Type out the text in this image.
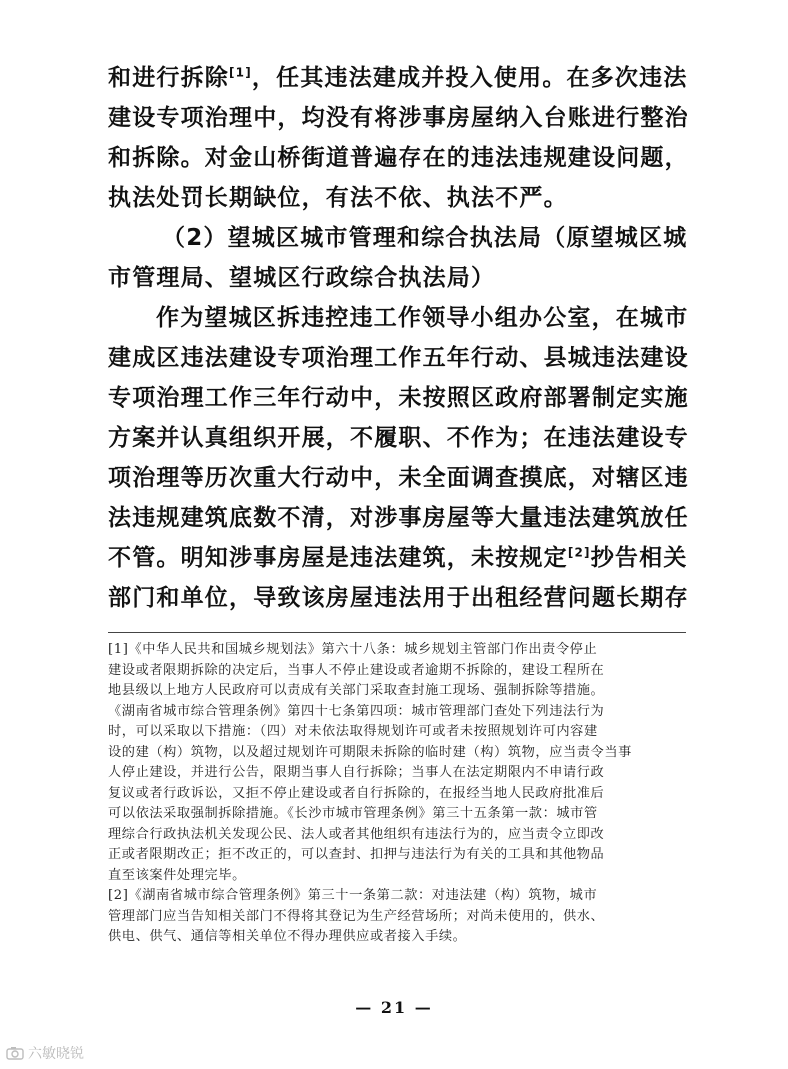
和进行拆除[1]，任其违法建成并投入使用。在多次违法
建设专项治理中，均没有将涉事房屋纳入台账进行整治
和拆除。对金山桥街道普遍存在的违法违规建设问题，
执法处罚长期缺位，有法不依、执法不严。
（2）望城区城市管理和综合执法局（原望城区城
市管理局、望城区行政综合执法局）
作为望城区拆违控违工作领导小组办公室，在城市
建成区违法建设专项治理工作五年行动、县城违法建设
专项治理工作三年行动中，未按照区政府部署制定实施
方案并认真组织开展，不履职、不作为；在违法建设专
项治理等历次重大行动中，未全面调查摸底，对辖区违
法违规建筑底数不清，对涉事房屋等大量违法建筑放任
不管。明知涉事房屋是违法建筑，未按规定[2]抄告相关
部门和单位，导致该房屋违法用于出租经营问题长期存
[1]《中华人民共和国城乡规划法》第六十八条：城乡规划主管部门作出责令停止
建设或者限期拆除的决定后，当事人不停止建设或者逾期不拆除的，建设工程所在
地县级以上地方人民政府可以责成有关部门采取查封施工现场、强制拆除等措施。
《湖南省城市综合管理条例》第四十七条第四项：城市管理部门查处下列违法行为
时，可以采取以下措施：（四）对未依法取得规划许可或者未按照规划许可内容建
设的建（构）筑物，以及超过规划许可期限未拆除的临时建（构）筑物，应当责令当事
人停止建设，并进行公告，限期当事人自行拆除；当事人在法定期限内不申请行政
复议或者行政诉讼，又拒不停止建设或者自行拆除的，在报经当地人民政府批准后
可以依法采取强制拆除措施。《长沙市城市管理条例》第三十五条第一款：城市管
理综合行政执法机关发现公民、法人或者其他组织有违法行为的，应当责令立即改
正或者限期改正；拒不改正的，可以查封、扣押与违法行为有关的工具和其他物品
直至该案件处理完毕。
[2]《湖南省城市综合管理条例》第三十一条第二款：对违法建（构）筑物，城市
管理部门应当告知相关部门不得将其登记为生产经营场所；对尚未使用的，供水、
供电、供气、通信等相关单位不得办理供应或者接入手续。
— 21 —
六敏晓锐
